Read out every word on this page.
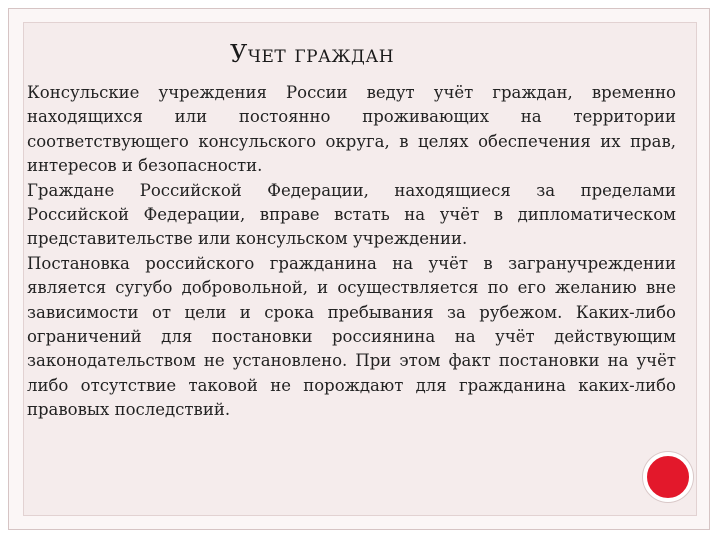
Учет граждан

Консульские учреждения России ведут учёт граждан, временно находящихся или постоянно проживающих на территории соответствующего консульского округа, в целях обеспечения их прав, интересов и безопасности.

Граждане Российской Федерации, находящиеся за пределами Российской Федерации, вправе встать на учёт в дипломатическом представительстве или консульском учреждении.

Постановка российского гражданина на учёт в загранучреждении является сугубо добровольной, и осуществляется по его желанию вне зависимости от цели и срока пребывания за рубежом. Каких-либо ограничений для постановки россиянина на учёт действующим законодательством не установлено. При этом факт постановки на учёт либо отсутствие таковой не порождают для гражданина каких-либо правовых последствий.
